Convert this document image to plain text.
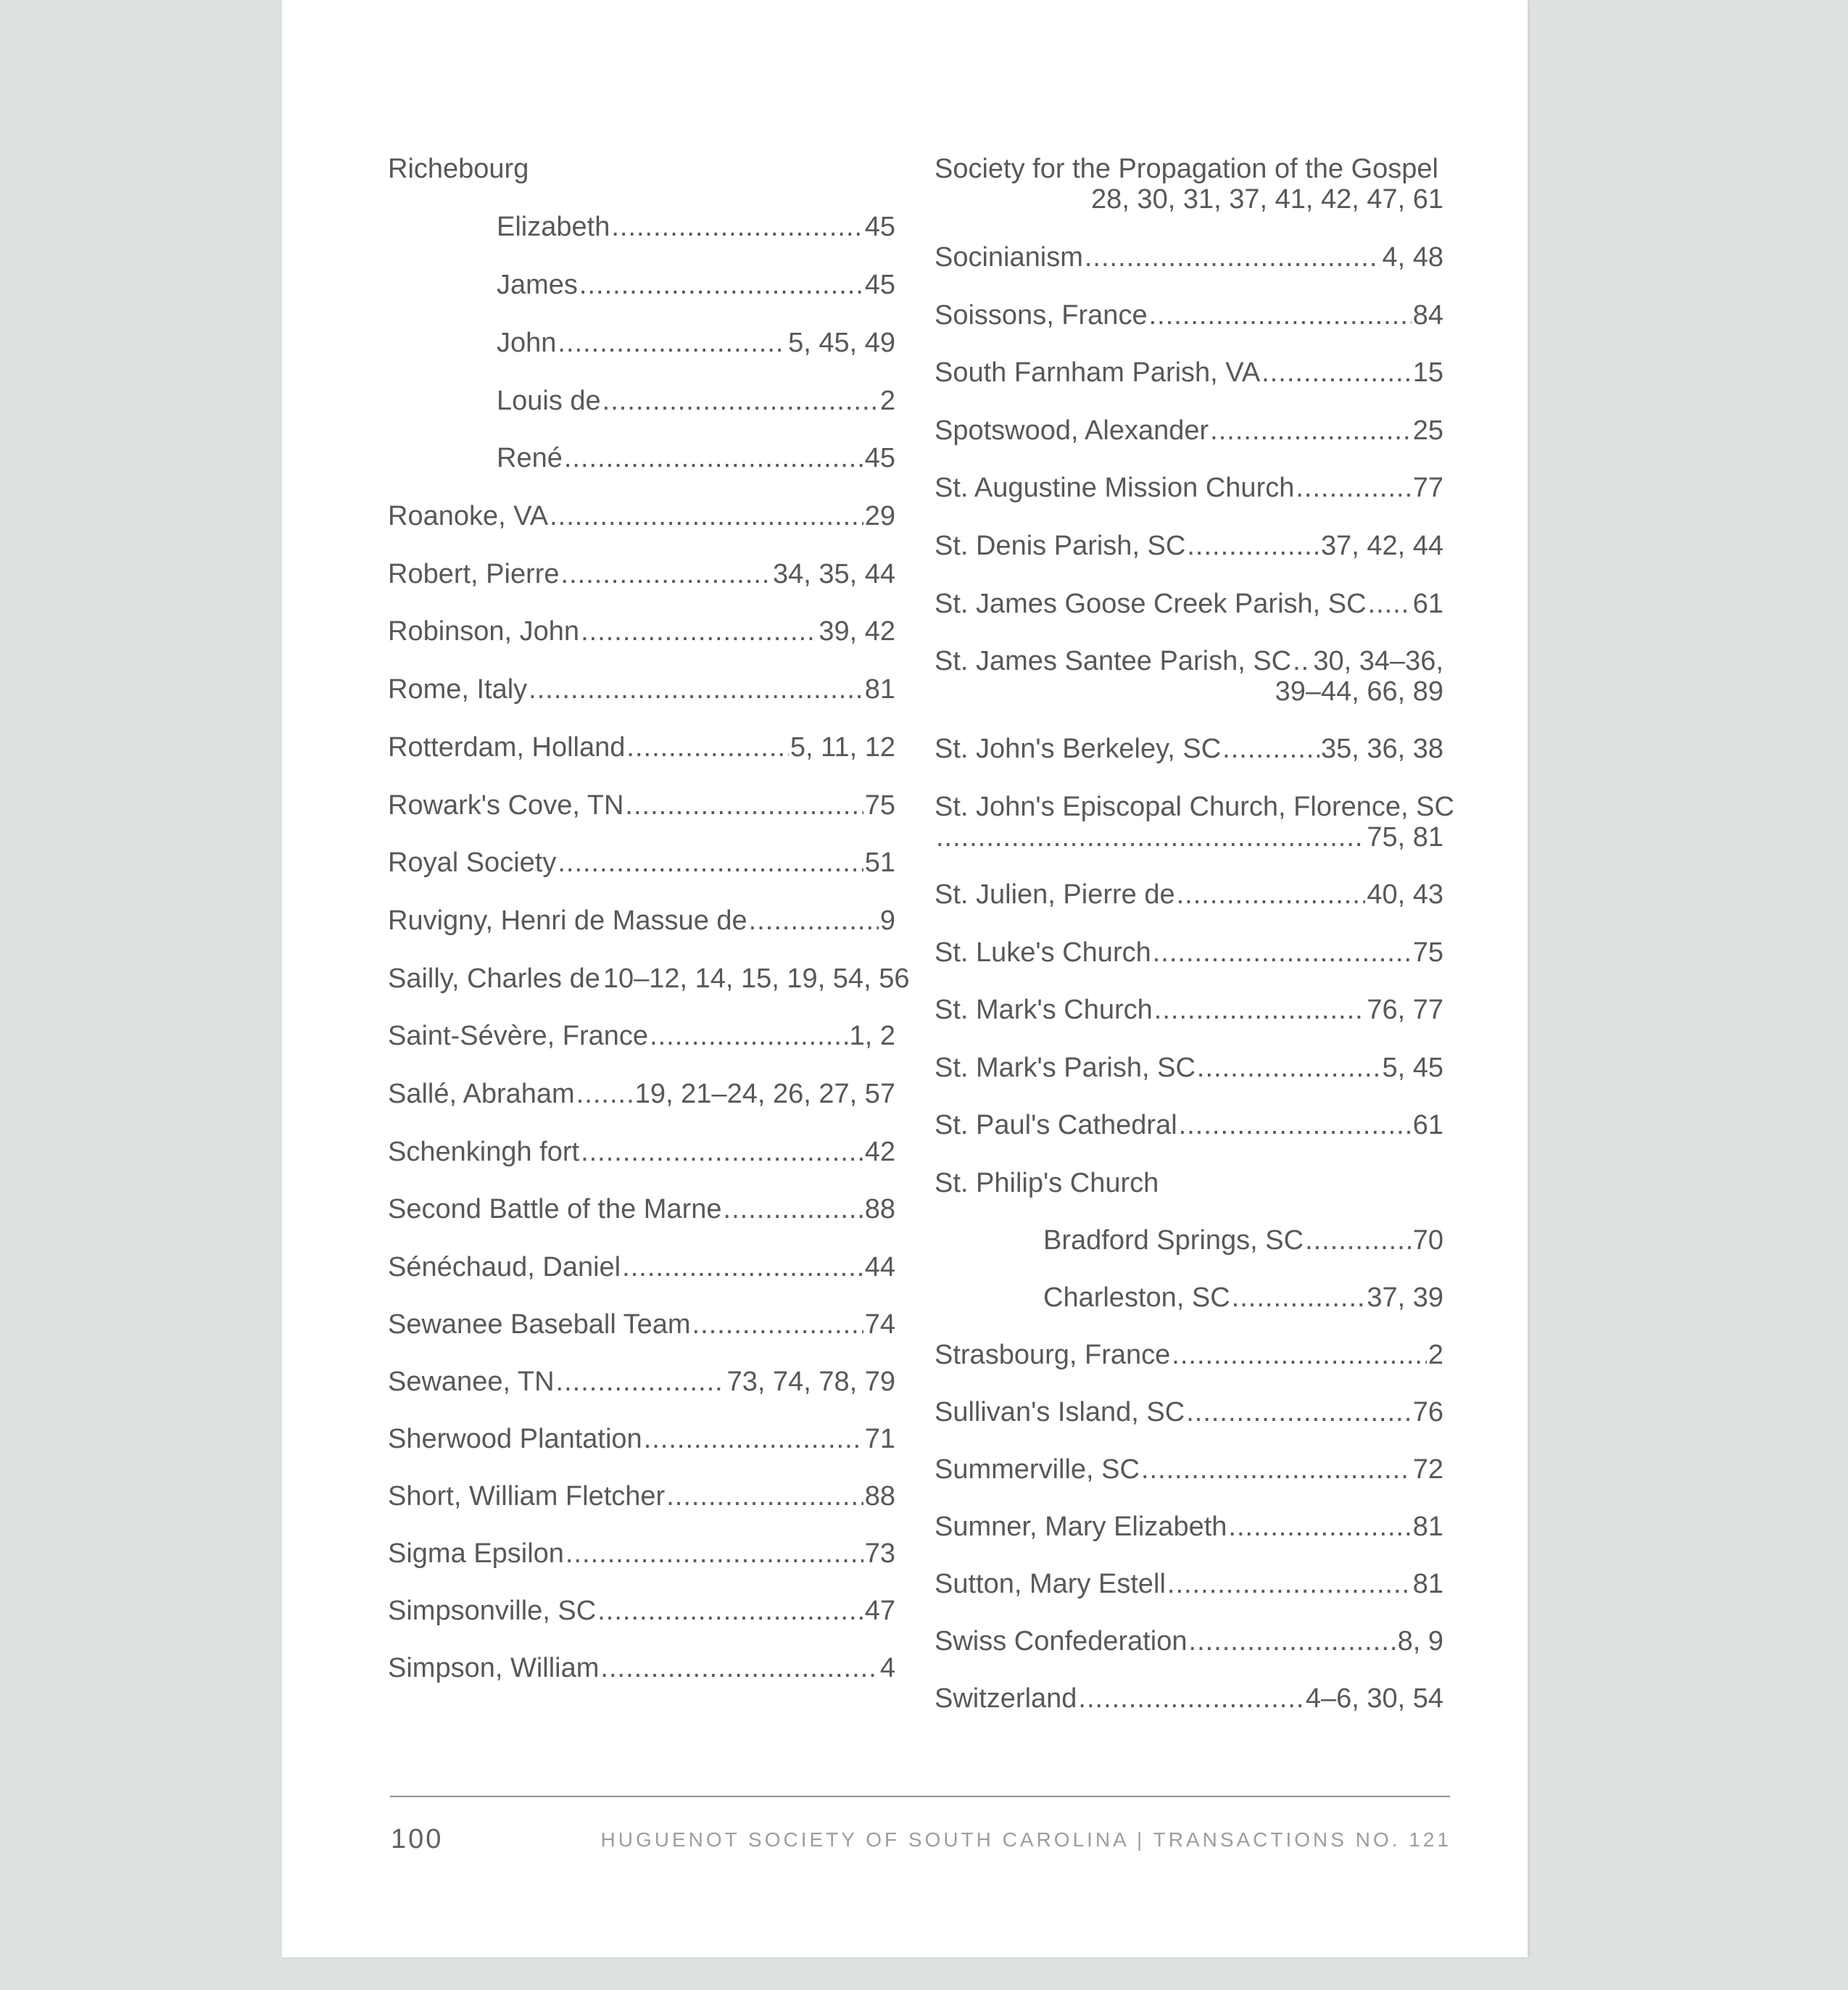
Richebourg
Elizabeth .....	45
James .....	45
John .....	5, 45, 49
Louis de .....	2
René .....	45
Roanoke, VA .....	29
Robert, Pierre .....	34, 35, 44
Robinson, John .....	39, 42
Rome, Italy .....	81
Rotterdam, Holland .....	5, 11, 12
Rowark's Cove, TN .....	75
Royal Society .....	51
Ruvigny, Henri de Massue de .....	9
Sailly, Charles de 10–12, 14, 15, 19, 54, 56
Saint-Sévère, France .....	1, 2
Sallé, Abraham ..... 19, 21–24, 26, 27, 57
Schenkingh fort .....	42
Second Battle of the Marne .....	88
Sénéchaud, Daniel .....	44
Sewanee Baseball Team .....	74
Sewanee, TN .....	73, 74, 78, 79
Sherwood Plantation .....	71
Short, William Fletcher .....	88
Sigma Epsilon .....	73
Simpsonville, SC .....	47
Simpson, William .....	4
Society for the Propagation of the Gospel
28, 30, 31, 37, 41, 42, 47, 61
Socinianism .....	4, 48
Soissons, France .....	84
South Farnham Parish, VA .....	15
Spotswood, Alexander .....	25
St. Augustine Mission Church .....	77
St. Denis Parish, SC .....	37, 42, 44
St. James Goose Creek Parish, SC ..... 61
St. James Santee Parish, SC ..... 30, 34–36,
39–44, 66, 89
St. John's Berkeley, SC .....	35, 36, 38
St. John's Episcopal Church, Florence, SC
.....
75, 81
St. Julien, Pierre de .....	40, 43
St. Luke's Church .....	75
St. Mark's Church .....	76, 77
St. Mark's Parish, SC .....	5, 45
St. Paul's Cathedral .....	61
St. Philip's Church
Bradford Springs, SC .....	70
Charleston, SC .....	37, 39
Strasbourg, France .....	2
Sullivan's Island, SC .....	76
Summerville, SC .....	72
Sumner, Mary Elizabeth .....	81
Sutton, Mary Estell .....	81
Swiss Confederation .....	8, 9
Switzerland .....	4–6, 30, 54
100	HUGUENOT SOCIETY OF SOUTH CAROLINA | TRANSACTIONS NO. 121
